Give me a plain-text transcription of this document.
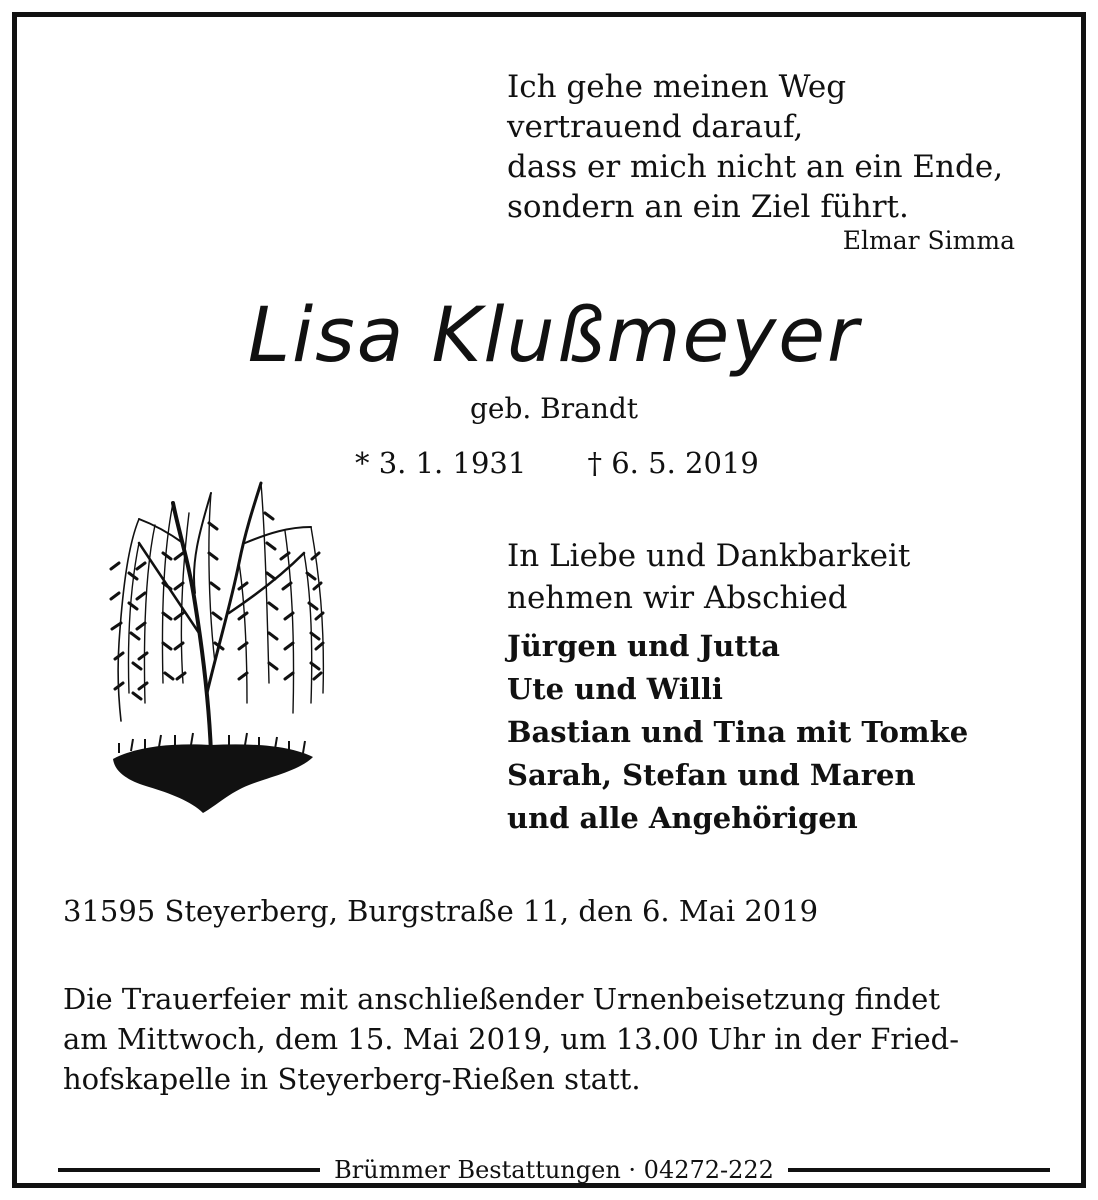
Ich gehe meinen Weg
vertrauend darauf,
dass er mich nicht an ein Ende,
sondern an ein Ziel führt.
Elmar Simma
Lisa Klußmeyer
geb. Brandt
* 3. 1. 1931 † 6. 5. 2019
In Liebe und Dankbarkeit
nehmen wir Abschied
Jürgen und Jutta
Ute und Willi
Bastian und Tina mit Tomke
Sarah, Stefan und Maren
und alle Angehörigen
31595 Steyerberg, Burgstraße 11, den 6. Mai 2019
Die Trauerfeier mit anschließender Urnenbeisetzung findet
am Mittwoch, dem 15. Mai 2019, um 13.00 Uhr in der Fried-
hofskapelle in Steyerberg-Rießen statt.
Brümmer Bestattungen · 04272-222
